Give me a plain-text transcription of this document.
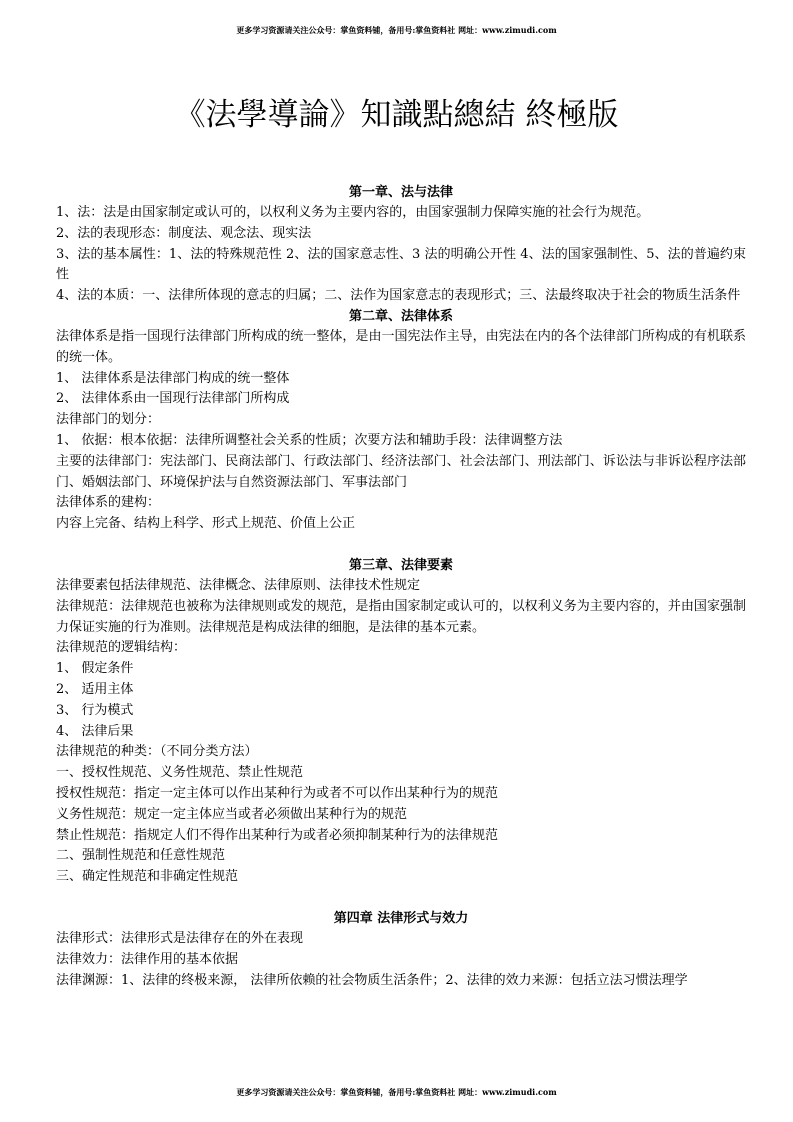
更多学习资源请关注公众号：掌鱼资料铺，备用号:掌鱼资料社 网址：www.zimudi.com
《法學導論》知識點總結 終極版

第一章、法与法律

1、法：法是由国家制定或认可的，以权利义务为主要内容的，由国家强制力保障实施的社会行为规范。

2、法的表现形态：制度法、观念法、现实法

3、法的基本属性：1、法的特殊规范性 2、法的国家意志性、3 法的明确公开性 4、法的国家强制性、5、法的普遍约束性

4、法的本质：一、法律所体现的意志的归属；二、法作为国家意志的表现形式；三、法最终取决于社会的物质生活条件

第二章、法律体系

法律体系是指一国现行法律部门所构成的统一整体，是由一国宪法作主导，由宪法在内的各个法律部门所构成的有机联系的统一体。

1、 法律体系是法律部门构成的统一整体

2、 法律体系由一国现行法律部门所构成

法律部门的划分：

1、 依据：根本依据：法律所调整社会关系的性质；次要方法和辅助手段：法律调整方法

主要的法律部门：宪法部门、民商法部门、行政法部门、经济法部门、社会法部门、刑法部门、诉讼法与非诉讼程序法部门、婚姻法部门、环境保护法与自然资源法部门、军事法部门

法律体系的建构：

内容上完备、结构上科学、形式上规范、价值上公正

第三章、法律要素

法律要素包括法律规范、法律概念、法律原则、法律技术性规定

法律规范：法律规范也被称为法律规则或发的规范，是指由国家制定或认可的，以权利义务为主要内容的，并由国家强制力保证实施的行为准则。法律规范是构成法律的细胞，是法律的基本元素。

法律规范的逻辑结构：

1、 假定条件

2、 适用主体

3、 行为模式

4、 法律后果

法律规范的种类：（不同分类方法）

一、授权性规范、义务性规范、禁止性规范

授权性规范：指定一定主体可以作出某种行为或者不可以作出某种行为的规范

义务性规范：规定一定主体应当或者必须做出某种行为的规范

禁止性规范：指规定人们不得作出某种行为或者必须抑制某种行为的法律规范

二、强制性规范和任意性规范

三、确定性规范和非确定性规范

第四章 法律形式与效力

法律形式：法律形式是法律存在的外在表现

法律效力：法律作用的基本依据

法律渊源：1、法律的终极来源， 法律所依赖的社会物质生活条件；2、法律的效力来源：包括立法习惯法理学

更多学习资源请关注公众号：掌鱼资料铺，备用号:掌鱼资料社 网址：www.zimudi.com
